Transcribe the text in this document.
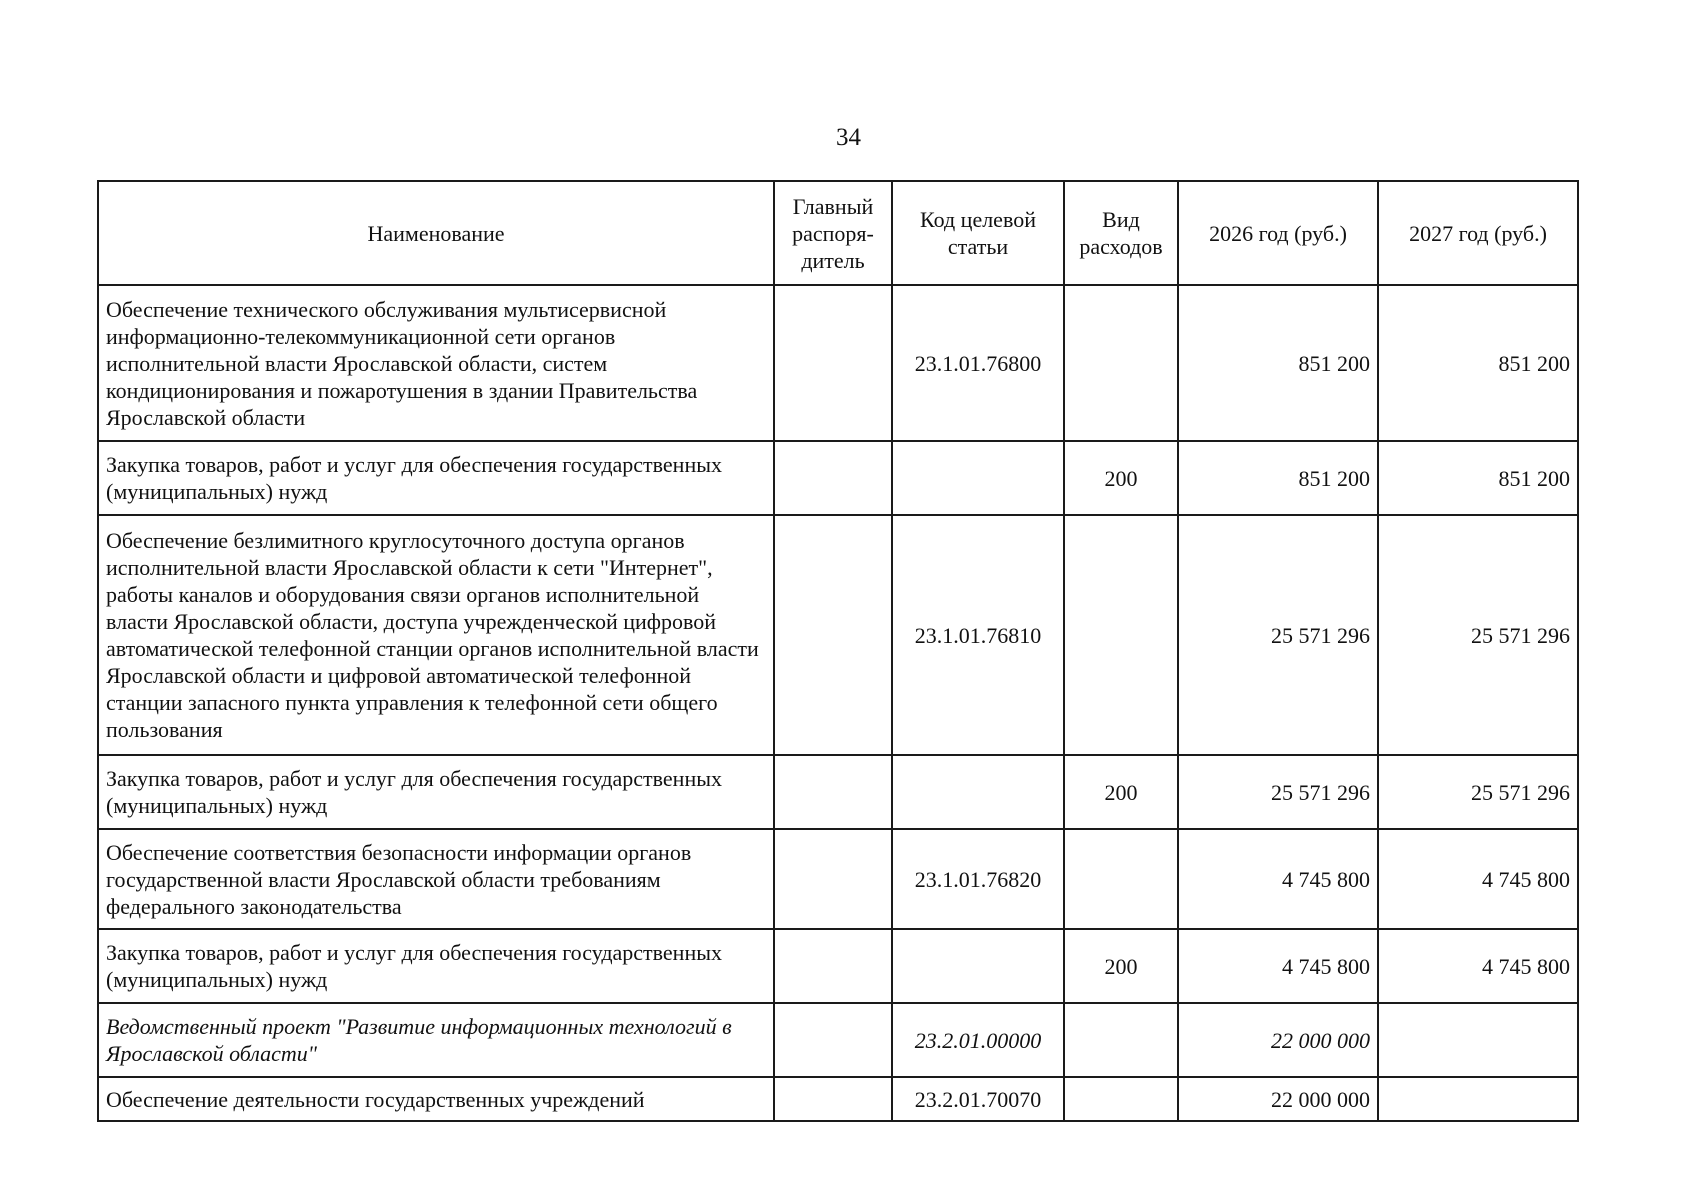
34
Наименование	Главный распоря-дитель	Код целевой статьи	Вид расходов	2026 год (руб.)	2027 год (руб.)
Обеспечение технического обслуживания мультисервисной информационно-телекоммуникационной сети органов исполнительной власти Ярославской области, систем кондиционирования и пожаротушения в здании Правительства Ярославской области		23.1.01.76800		851 200	851 200
Закупка товаров, работ и услуг для обеспечения государственных (муниципальных) нужд			200	851 200	851 200
Обеспечение безлимитного круглосуточного доступа органов исполнительной власти Ярославской области к сети "Интернет", работы каналов и оборудования связи органов исполнительной власти Ярославской области, доступа учрежденческой цифровой автоматической телефонной станции органов исполнительной власти Ярославской области и цифровой автоматической телефонной станции запасного пункта управления к телефонной сети общего пользования		23.1.01.76810		25 571 296	25 571 296
Закупка товаров, работ и услуг для обеспечения государственных (муниципальных) нужд			200	25 571 296	25 571 296
Обеспечение соответствия безопасности информации органов государственной власти Ярославской области требованиям федерального законодательства		23.1.01.76820		4 745 800	4 745 800
Закупка товаров, работ и услуг для обеспечения государственных (муниципальных) нужд			200	4 745 800	4 745 800
Ведомственный проект "Развитие информационных технологий в Ярославской области"		23.2.01.00000		22 000 000	
Обеспечение деятельности государственных учреждений		23.2.01.70070		22 000 000	
